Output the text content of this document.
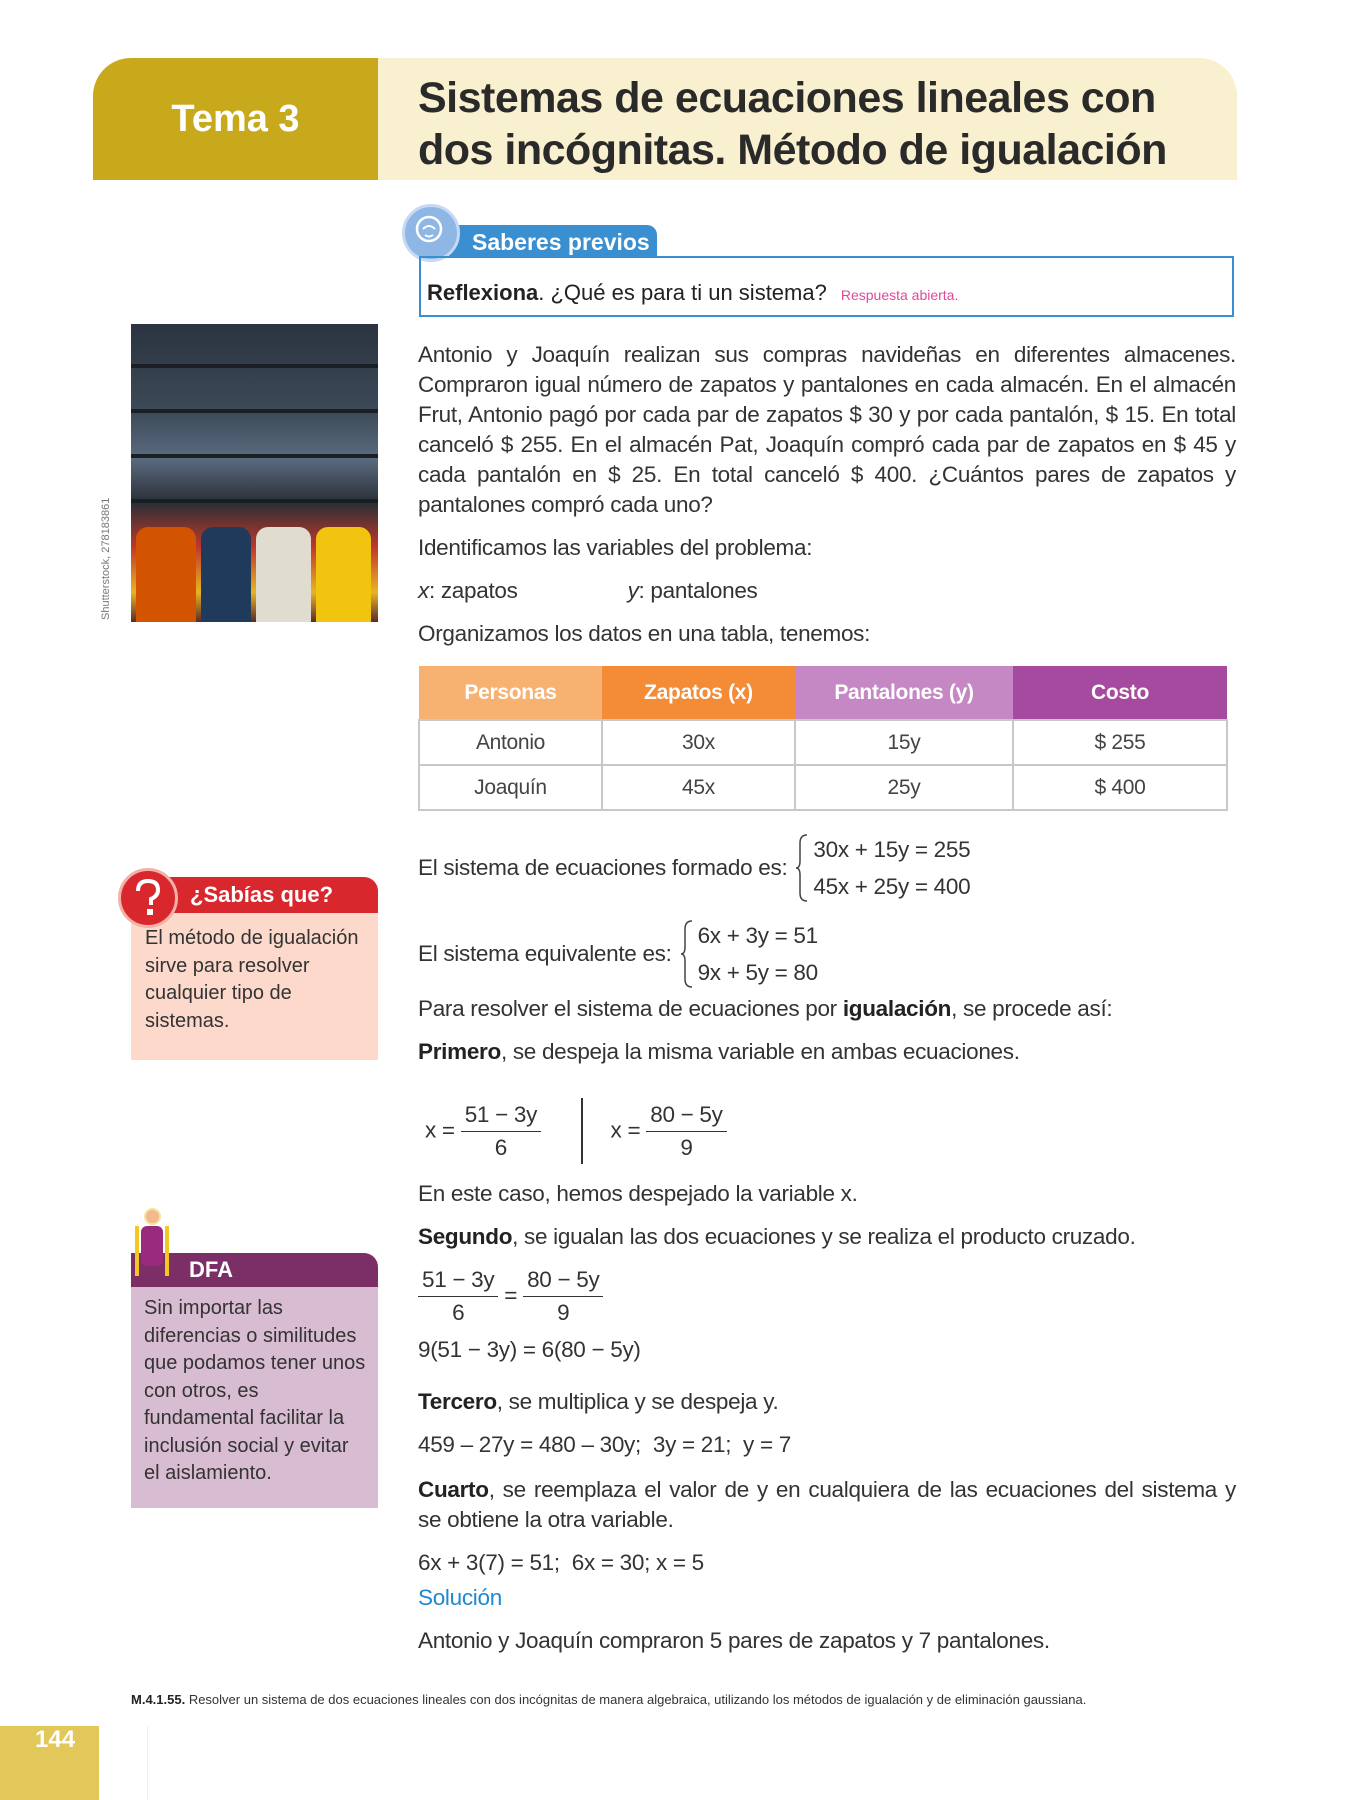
Tema 3	Sistemas de ecuaciones lineales con
dos incógnitas. Método de igualación
Saberes previos
Reflexiona. ¿Qué es para ti un sistema? Respuesta abierta.
Shutterstock, 278183861
Antonio y Joaquín realizan sus compras navideñas en diferentes almacenes. Compraron igual número de zapatos y pantalones en cada almacén. En el almacén Frut, Antonio pagó por cada par de zapatos $ 30 y por cada pantalón, $ 15. En total canceló $ 255. En el almacén Pat, Joaquín compró cada par de zapatos en $ 45 y cada pantalón en $ 25. En total canceló $ 400. ¿Cuántos pares de zapatos y pantalones compró cada uno?
Identificamos las variables del problema:
x: zapatos	y: pantalones
Organizamos los datos en una tabla, tenemos:
Personas	Zapatos (x)	Pantalones (y)	Costo
Antonio	30x	15y	$ 255
Joaquín	45x	25y	$ 400
El sistema de ecuaciones formado es:
30x + 15y = 255
45x + 25y = 400
El sistema equivalente es:
6x + 3y = 51
9x + 5y = 80
Para resolver el sistema de ecuaciones por igualación, se procede así:
Primero, se despeja la misma variable en ambas ecuaciones.
$x = \frac{51 - 3y}{6}$	$x = \frac{80 - 5y}{9}$
En este caso, hemos despejado la variable x.
Segundo, se igualan las dos ecuaciones y se realiza el producto cruzado.
$\frac{51 - 3y}{6} = \frac{80 - 5y}{9}$
9(51 − 3y) = 6(80 − 5y)
Tercero, se multiplica y se despeja y.
459 – 27y = 480 – 30y;  3y = 21;  y = 7
Cuarto, se reemplaza el valor de y en cualquiera de las ecuaciones del sistema y se obtiene la otra variable.
6x + 3(7) = 51;  6x = 30; x = 5
Solución
Antonio y Joaquín compraron 5 pares de zapatos y 7 pantalones.
El método de igualación sirve para resolver cualquier tipo de sistemas.
¿Sabías que?
Sin importar las diferencias o similitudes que podamos tener unos con otros, es fundamental facilitar la inclusión social y evitar el aislamiento.
DFA
M.4.1.55. Resolver un sistema de dos ecuaciones lineales con dos incógnitas de manera algebraica, utilizando los métodos de igualación y de eliminación gaussiana.
144
